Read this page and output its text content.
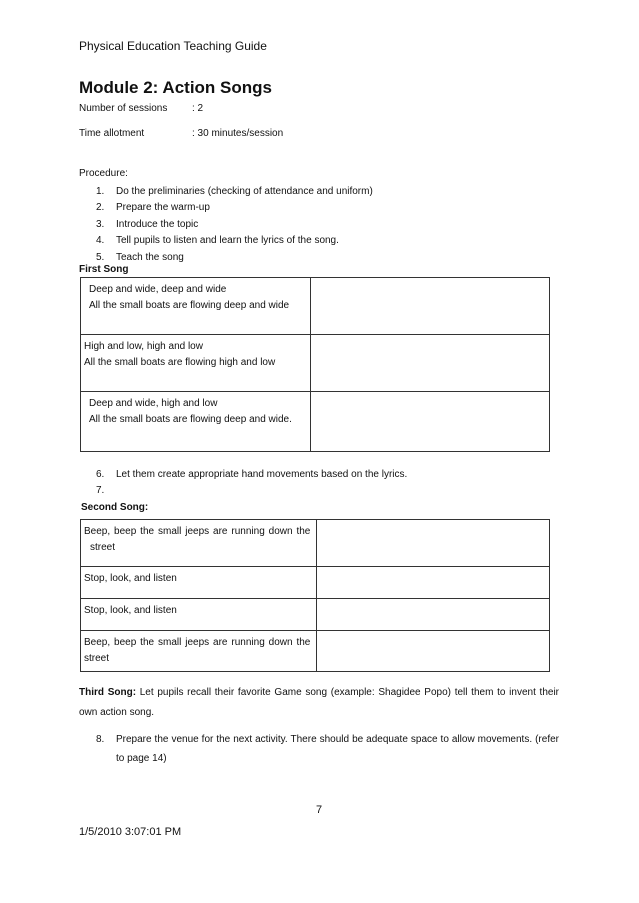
Physical Education Teaching Guide
Module 2: Action Songs
Number of sessions : 2
Time allotment	: 30 minutes/session
Procedure:
1. Do the preliminaries (checking of attendance and uniform)
2. Prepare the warm-up
3. Introduce the topic
4. Tell pupils to listen and learn the lyrics of the song.
5. Teach the song
First Song
Deep and wide, deep and wide
All the small boats are flowing deep and wide	

High and low, high and low
All the small boats are flowing high and low	

Deep and wide, high and low
All the small boats are flowing deep and wide.	

6. Let them create appropriate hand movements based on the lyrics.
7.
Second Song:
Beep, beep the small jeeps are running down the
street	

Stop, look, and listen	

Stop, look, and listen	

Beep, beep the small jeeps are running down the
street	

Third Song: Let pupils recall their favorite Game song (example: Shagidee Popo) tell them to invent their own action song.
8.	Prepare the venue for the next activity. There should be adequate space to allow movements. (refer to page 14)
7
1/5/2010 3:07:01 PM
